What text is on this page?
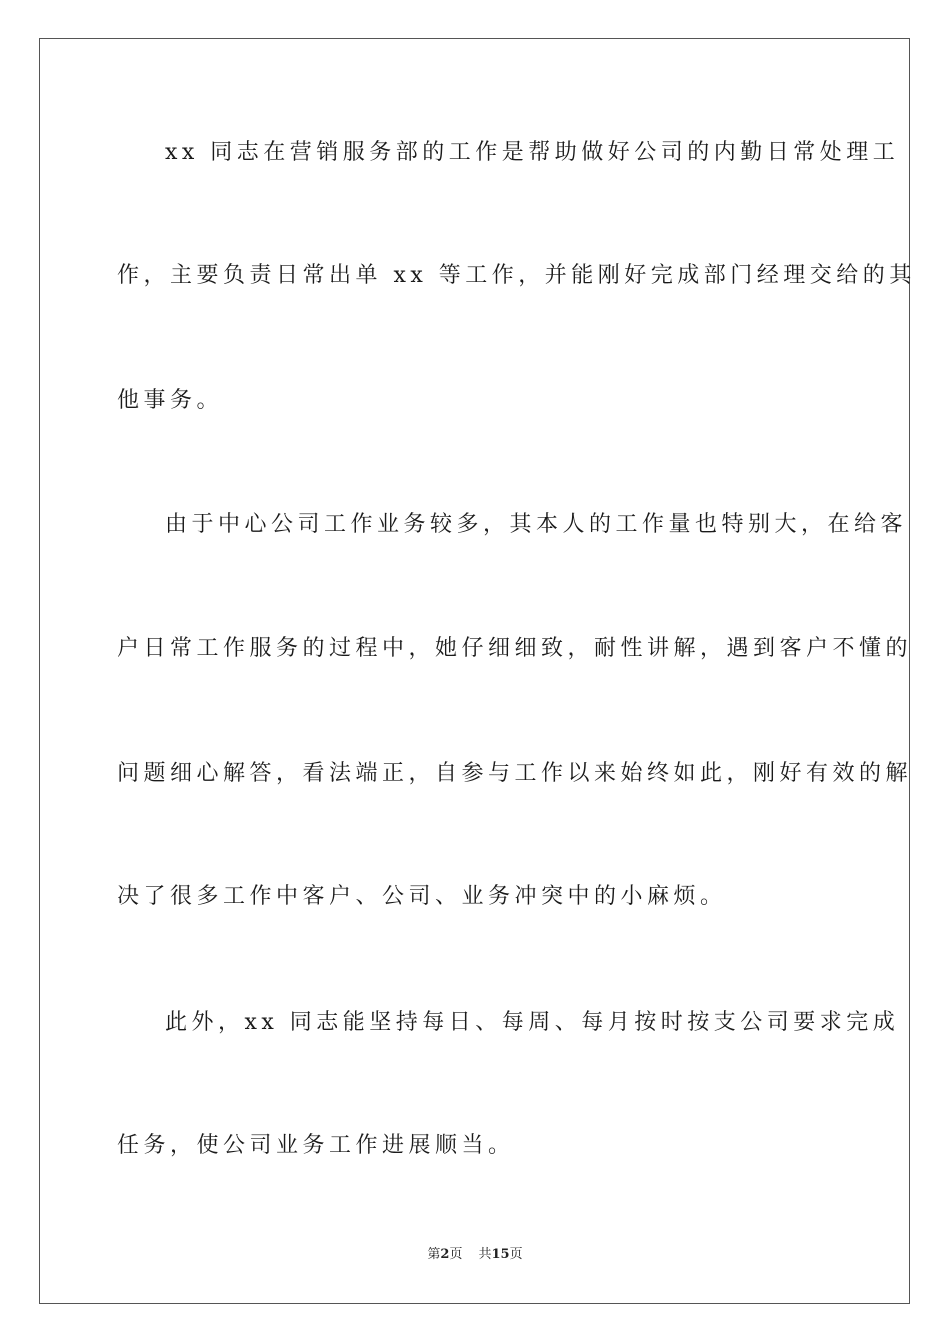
xx 同志在营销服务部的工作是帮助做好公司的内勤日常处理工
作，主要负责日常出单 xx 等工作，并能刚好完成部门经理交给的其
他事务。
由于中心公司工作业务较多，其本人的工作量也特别大，在给客
户日常工作服务的过程中，她仔细细致，耐性讲解，遇到客户不懂的
问题细心解答，看法端正，自参与工作以来始终如此，刚好有效的解
决了很多工作中客户、公司、业务冲突中的小麻烦。
此外，xx 同志能坚持每日、每周、每月按时按支公司要求完成
任务，使公司业务工作进展顺当。
第2页 共15页
